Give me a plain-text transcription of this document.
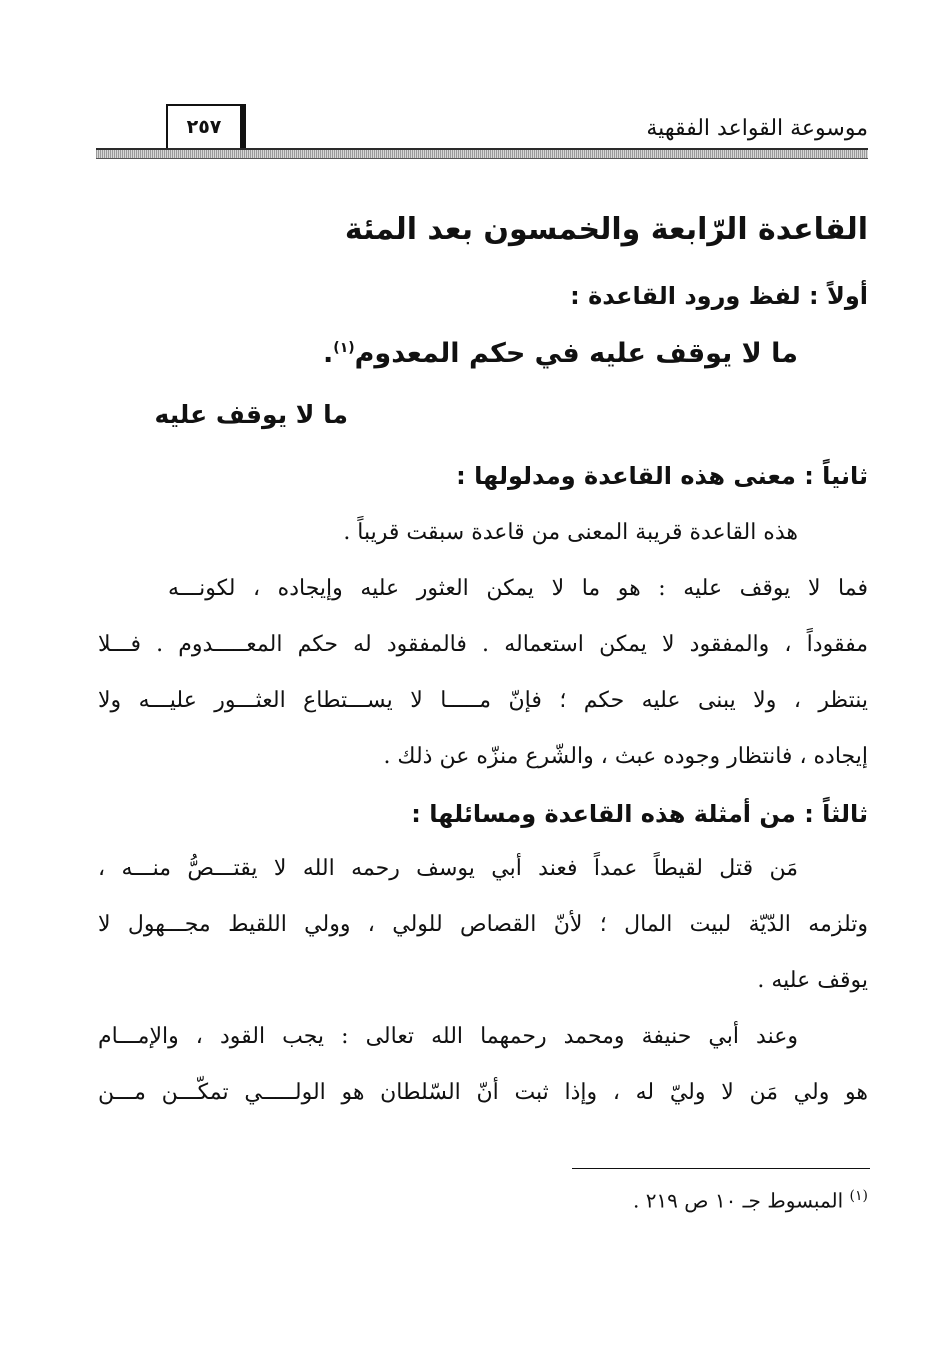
موسوعة القواعد الفقهية
٢٥٧
القاعدة الرّابعة والخمسون بعد المئة
أولاً : لفظ ورود القاعدة :
ما لا يوقف عليه في حكم المعدوم$^{(١)}$.
ما لا يوقف عليه
ثانياً : معنى هذه القاعدة ومدلولها :
هذه القاعدة قريبة المعنى من قاعدة سبقت قريباً .
فما لا يوقف عليه : هو ما لا يمكن العثور عليه وإيجاده ، لكونـــه
مفقوداً ، والمفقود لا يمكن استعماله . فالمفقود له حكم المعـــــدوم . فـــلا
ينتظر ، ولا يبنى عليه حكم ؛ فإنّ مـــــا لا يســـتطاع العثـــور عليـــه ولا
إيجاده ، فانتظار وجوده عبث ، والشّرع منزّه عن ذلك .
ثالثاً : من أمثلة هذه القاعدة ومسائلها :
مَن قتل لقيطاً عمداً فعند أبي يوسف رحمه الله لا يقتـــصُّ منـــه ،
وتلزمه الدّيّة لبيت المال ؛ لأنّ القصاص للولي ، وولي اللقيط مجـــهول لا
يوقف عليه .
وعند أبي حنيفة ومحمد رحمهما الله تعالى : يجب القود ، والإمـــام
هو ولي مَن لا وليّ له ، وإذا ثبت أنّ السّلطان هو الولـــــي تمكّـــن مـــن
$^{(١)}$ المبسوط جـ ١٠ ص ٢١٩ .
